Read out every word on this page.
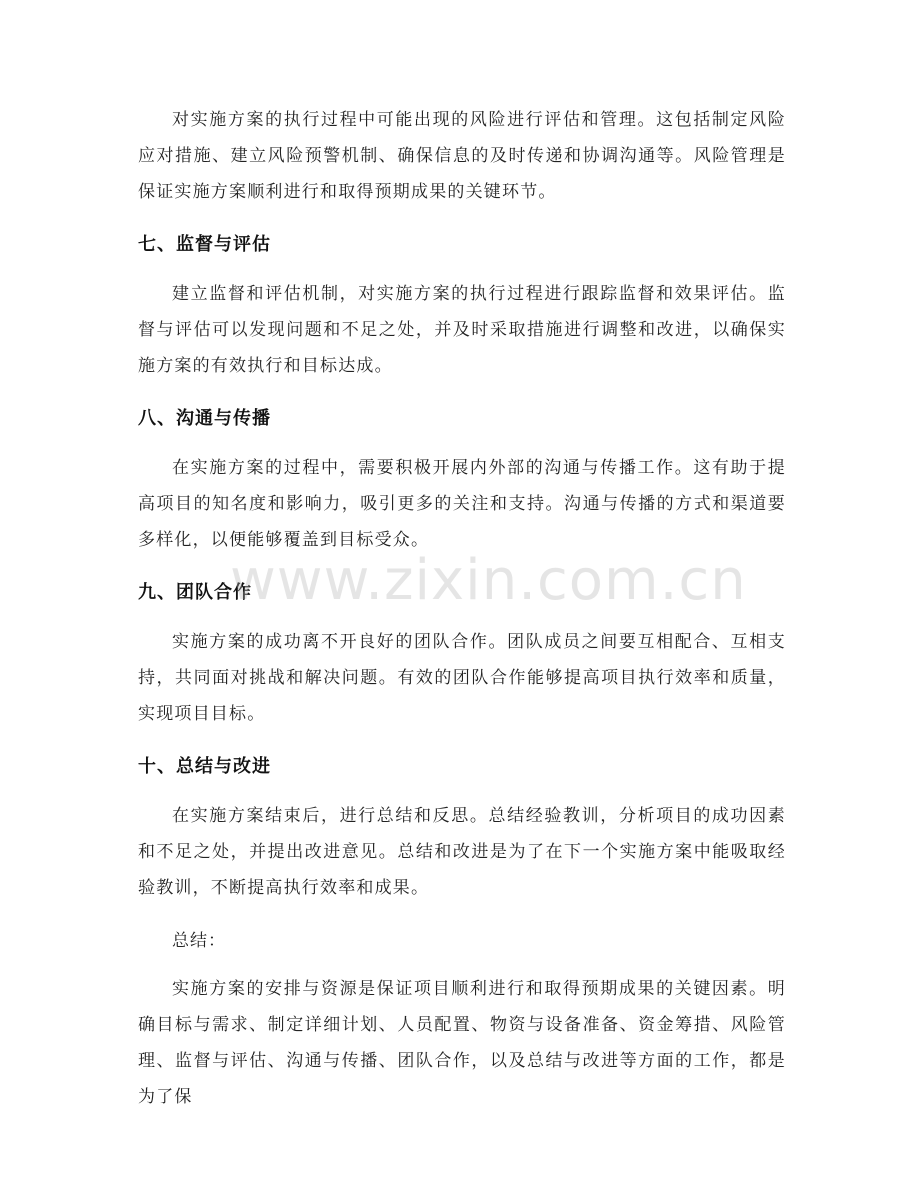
对实施方案的执行过程中可能出现的风险进行评估和管理。这包括制定风险应对措施、建立风险预警机制、确保信息的及时传递和协调沟通等。风险管理是保证实施方案顺利进行和取得预期成果的关键环节。

七、监督与评估

建立监督和评估机制，对实施方案的执行过程进行跟踪监督和效果评估。监督与评估可以发现问题和不足之处，并及时采取措施进行调整和改进，以确保实施方案的有效执行和目标达成。

八、沟通与传播

在实施方案的过程中，需要积极开展内外部的沟通与传播工作。这有助于提高项目的知名度和影响力，吸引更多的关注和支持。沟通与传播的方式和渠道要多样化，以便能够覆盖到目标受众。

九、团队合作

实施方案的成功离不开良好的团队合作。团队成员之间要互相配合、互相支持，共同面对挑战和解决问题。有效的团队合作能够提高项目执行效率和质量，实现项目目标。

十、总结与改进

在实施方案结束后，进行总结和反思。总结经验教训，分析项目的成功因素和不足之处，并提出改进意见。总结和改进是为了在下一个实施方案中能吸取经验教训，不断提高执行效率和成果。

总结：

实施方案的安排与资源是保证项目顺利进行和取得预期成果的关键因素。明确目标与需求、制定详细计划、人员配置、物资与设备准备、资金筹措、风险管理、监督与评估、沟通与传播、团队合作，以及总结与改进等方面的工作，都是为了保

www.zixin.com.cn
